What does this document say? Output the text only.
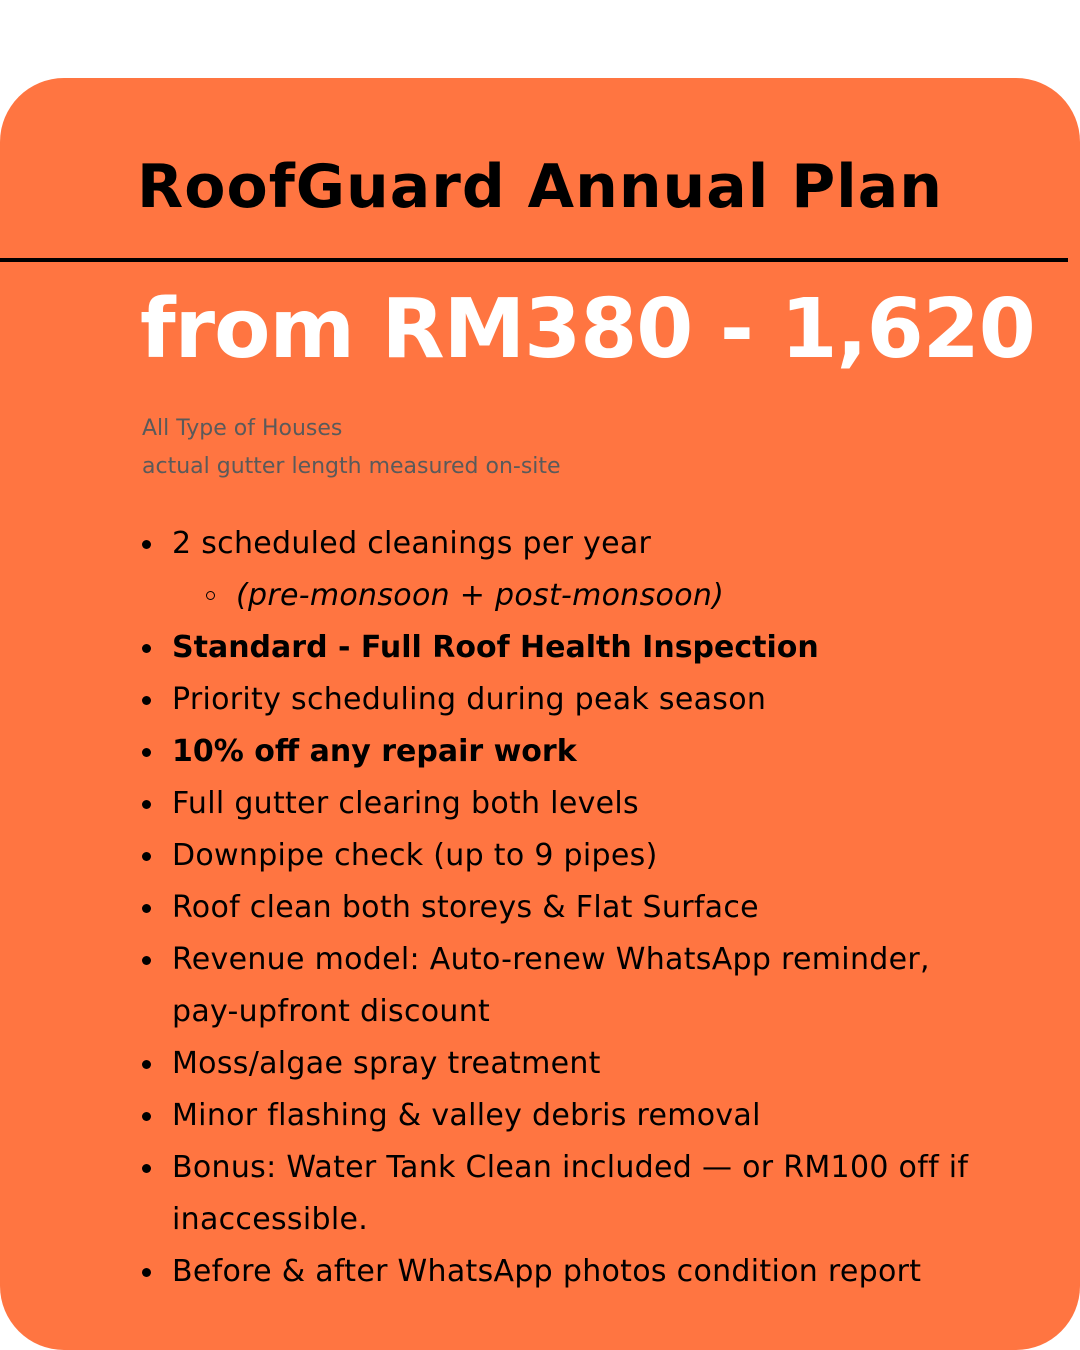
RoofGuard Annual Plan
from RM380 - 1,620
All Type of Houses
actual gutter length measured on-site
2 scheduled cleanings per year
(pre-monsoon + post-monsoon)
Standard - Full Roof Health Inspection
Priority scheduling during peak season
10% off any repair work
Full gutter clearing both levels
Downpipe check (up to 9 pipes)
Roof clean both storeys & Flat Surface
Revenue model: Auto-renew WhatsApp reminder, pay-upfront discount
Moss/algae spray treatment
Minor flashing & valley debris removal
Bonus: Water Tank Clean included — or RM100 off if inaccessible.
Before & after WhatsApp photos condition report
